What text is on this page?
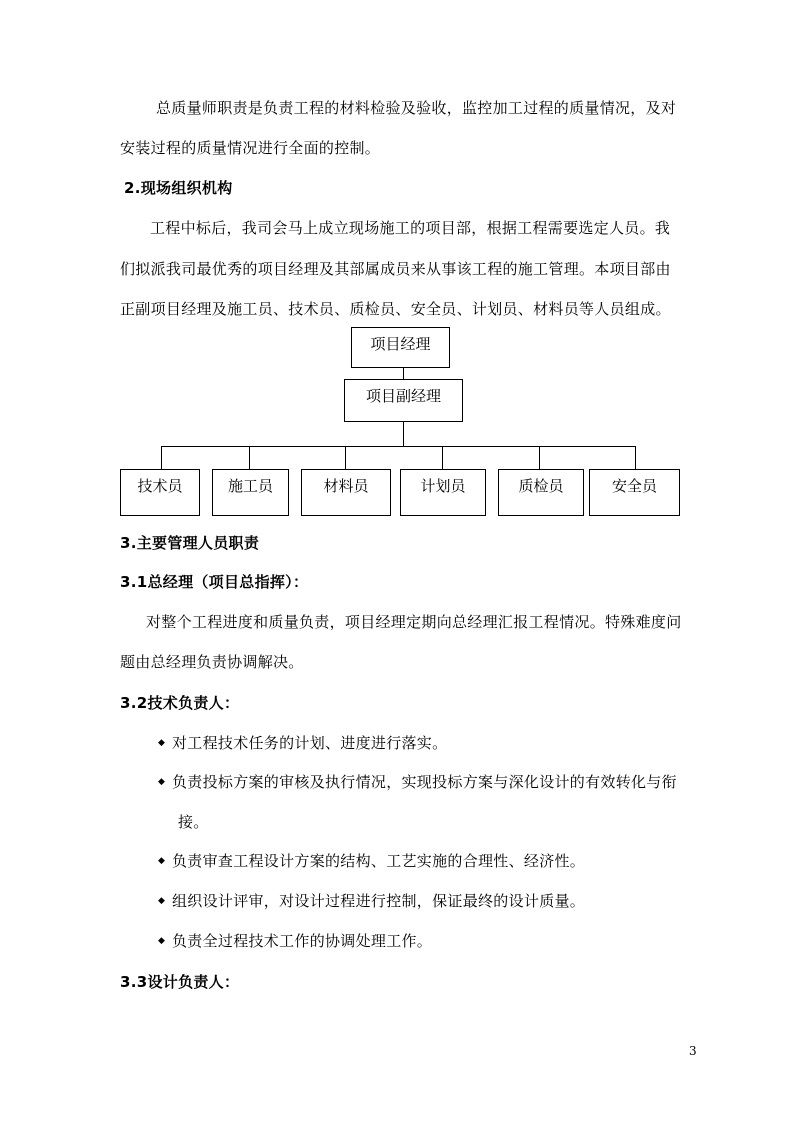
总质量师职责是负责工程的材料检验及验收，监控加工过程的质量情况，及对
安装过程的质量情况进行全面的控制。
2.现场组织机构
工程中标后，我司会马上成立现场施工的项目部，根据工程需要选定人员。我
们拟派我司最优秀的项目经理及其部属成员来从事该工程的施工管理。本项目部由
正副项目经理及施工员、技术员、质检员、安全员、计划员、材料员等人员组成。
项目经理
项目副经理
技术员	施工员	材料员	计划员	质检员	安全员
3.主要管理人员职责
3.1总经理（项目总指挥）：
对整个工程进度和质量负责，项目经理定期向总经理汇报工程情况。特殊难度问
题由总经理负责协调解决。
3.2技术负责人：
◆ 对工程技术任务的计划、进度进行落实。
◆ 负责投标方案的审核及执行情况，实现投标方案与深化设计的有效转化与衔
接。
◆ 负责审查工程设计方案的结构、工艺实施的合理性、经济性。
◆ 组织设计评审，对设计过程进行控制，保证最终的设计质量。
◆ 负责全过程技术工作的协调处理工作。
3.3设计负责人：
3
